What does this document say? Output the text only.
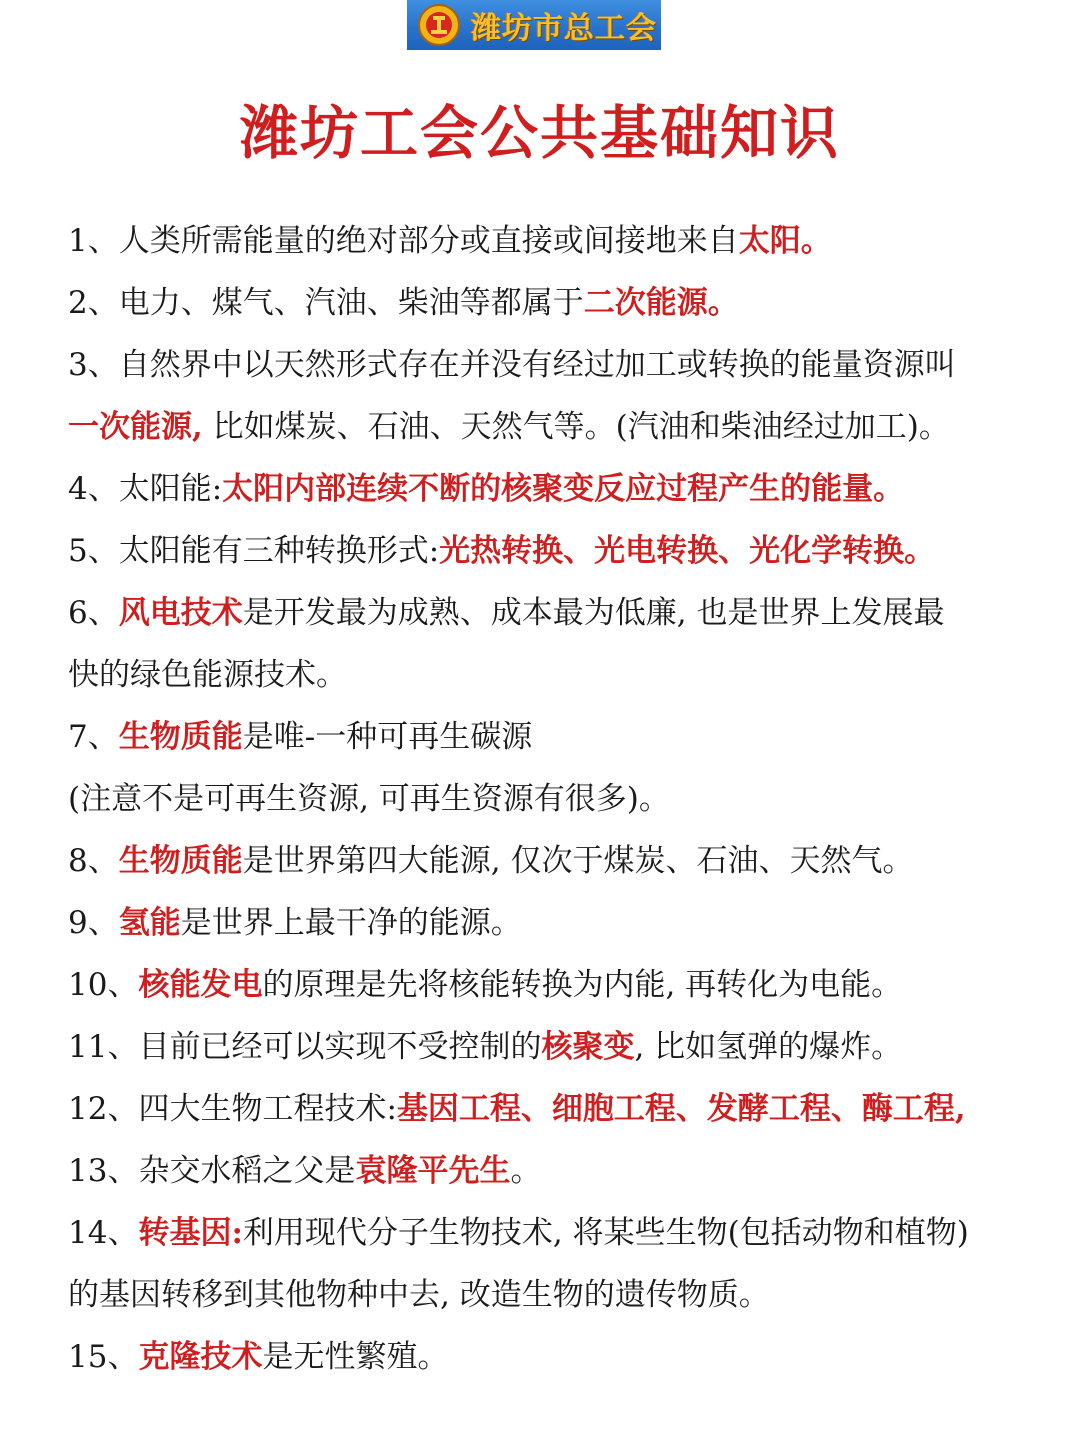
潍坊市总工会
潍坊工会公共基础知识
1、人类所需能量的绝对部分或直接或间接地来自太阳。
2、电力、煤气、汽油、柴油等都属于二次能源。
3、自然界中以天然形式存在并没有经过加工或转换的能量资源叫
一次能源, 比如煤炭、石油、天然气等。(汽油和柴油经过加工)。
4、太阳能:太阳内部连续不断的核聚变反应过程产生的能量。
5、太阳能有三种转换形式:光热转换、光电转换、光化学转换。
6、风电技术是开发最为成熟、成本最为低廉, 也是世界上发展最
快的绿色能源技术。
7、生物质能是唯-一种可再生碳源
(注意不是可再生资源, 可再生资源有很多)。
8、生物质能是世界第四大能源, 仅次于煤炭、石油、天然气。
9、氢能是世界上最干净的能源。
10、核能发电的原理是先将核能转换为内能, 再转化为电能。
11、目前已经可以实现不受控制的核聚变, 比如氢弹的爆炸。
12、四大生物工程技术:基因工程、细胞工程、发酵工程、酶工程,
13、杂交水稻之父是袁隆平先生。
14、转基因:利用现代分子生物技术, 将某些生物(包括动物和植物)
的基因转移到其他物种中去, 改造生物的遗传物质。
15、克隆技术是无性繁殖。
